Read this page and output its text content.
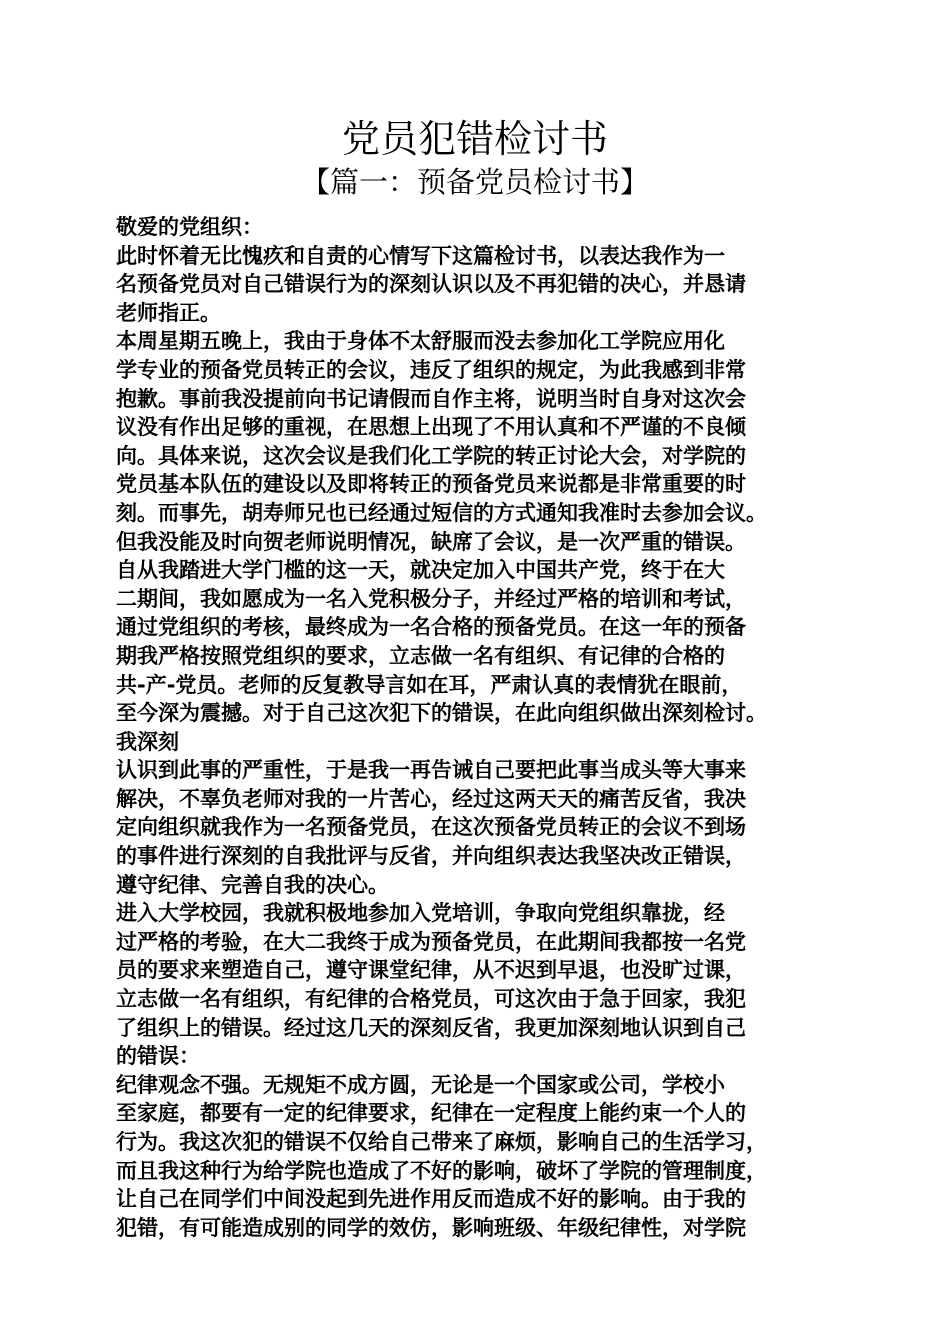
党员犯错检讨书
【篇一：预备党员检讨书】
敬爱的党组织：
此时怀着无比愧疚和自责的心情写下这篇检讨书，以表达我作为一
名预备党员对自己错误行为的深刻认识以及不再犯错的决心，并恳请
老师指正。
本周星期五晚上，我由于身体不太舒服而没去参加化工学院应用化
学专业的预备党员转正的会议，违反了组织的规定，为此我感到非常
抱歉。事前我没提前向书记请假而自作主将，说明当时自身对这次会
议没有作出足够的重视，在思想上出现了不用认真和不严谨的不良倾
向。具体来说，这次会议是我们化工学院的转正讨论大会，对学院的
党员基本队伍的建设以及即将转正的预备党员来说都是非常重要的时
刻。而事先，胡寿师兄也已经通过短信的方式通知我准时去参加会议。
但我没能及时向贺老师说明情况，缺席了会议，是一次严重的错误。
自从我踏进大学门槛的这一天，就决定加入中国共产党，终于在大
二期间，我如愿成为一名入党积极分子，并经过严格的培训和考试，
通过党组织的考核，最终成为一名合格的预备党员。在这一年的预备
期我严格按照党组织的要求，立志做一名有组织、有记律的合格的
共-产-党员。老师的反复教导言如在耳，严肃认真的表情犹在眼前，
至今深为震撼。对于自己这次犯下的错误，在此向组织做出深刻检讨。
我深刻
认识到此事的严重性，于是我一再告诫自己要把此事当成头等大事来
解决，不辜负老师对我的一片苦心，经过这两天天的痛苦反省，我决
定向组织就我作为一名预备党员，在这次预备党员转正的会议不到场
的事件进行深刻的自我批评与反省，并向组织表达我坚决改正错误，
遵守纪律、完善自我的决心。
进入大学校园，我就积极地参加入党培训，争取向党组织靠拢，经
过严格的考验，在大二我终于成为预备党员，在此期间我都按一名党
员的要求来塑造自己，遵守课堂纪律，从不迟到早退，也没旷过课，
立志做一名有组织，有纪律的合格党员，可这次由于急于回家，我犯
了组织上的错误。经过这几天的深刻反省，我更加深刻地认识到自己
的错误：
纪律观念不强。无规矩不成方圆，无论是一个国家或公司，学校小
至家庭，都要有一定的纪律要求，纪律在一定程度上能约束一个人的
行为。我这次犯的错误不仅给自己带来了麻烦，影响自己的生活学习，
而且我这种行为给学院也造成了不好的影响，破坏了学院的管理制度，
让自己在同学们中间没起到先进作用反而造成不好的影响。由于我的
犯错，有可能造成别的同学的效仿，影响班级、年级纪律性，对学院
